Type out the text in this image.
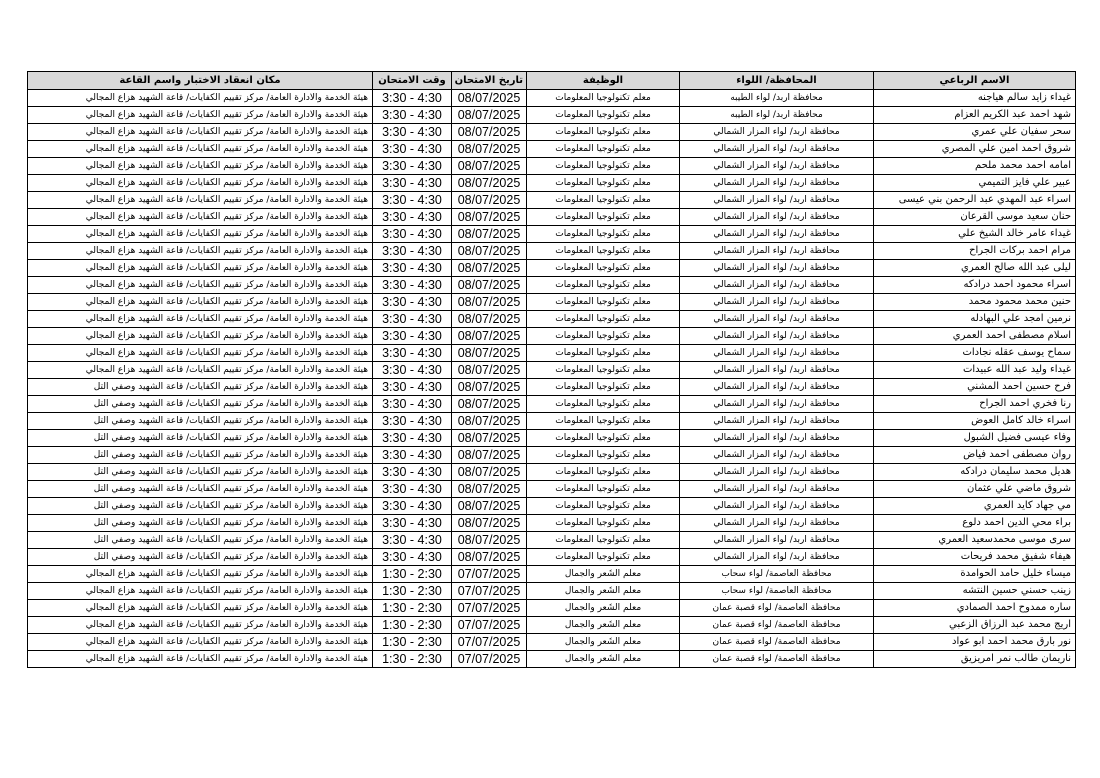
الاسم الرباعي	المحافظة/ اللواء	الوظيفة	تاريخ الامتحان	وقت الامتحان	مكان انعقاد الاختبار واسم القاعة
غيداء زايد سالم هياجنه	محافظة اربد/ لواء الطيبه	معلم تكنولوجيا المعلومات	08/07/2025	3:30 - 4:30	هيئة الخدمة والادارة العامة/ مركز تقييم الكفايات/ قاعة الشهيد هزاع المجالي
شهد احمد عبد الكريم العزام	محافظة اربد/ لواء الطيبه	معلم تكنولوجيا المعلومات	08/07/2025	3:30 - 4:30	هيئة الخدمة والادارة العامة/ مركز تقييم الكفايات/ قاعة الشهيد هزاع المجالي
سحر سفيان علي عمري	محافظة اربد/ لواء المزار الشمالي	معلم تكنولوجيا المعلومات	08/07/2025	3:30 - 4:30	هيئة الخدمة والادارة العامة/ مركز تقييم الكفايات/ قاعة الشهيد هزاع المجالي
شروق احمد امين علي المصري	محافظة اربد/ لواء المزار الشمالي	معلم تكنولوجيا المعلومات	08/07/2025	3:30 - 4:30	هيئة الخدمة والادارة العامة/ مركز تقييم الكفايات/ قاعة الشهيد هزاع المجالي
امامه احمد محمد ملحم	محافظة اربد/ لواء المزار الشمالي	معلم تكنولوجيا المعلومات	08/07/2025	3:30 - 4:30	هيئة الخدمة والادارة العامة/ مركز تقييم الكفايات/ قاعة الشهيد هزاع المجالي
عبير علي فايز التميمي	محافظة اربد/ لواء المزار الشمالي	معلم تكنولوجيا المعلومات	08/07/2025	3:30 - 4:30	هيئة الخدمة والادارة العامة/ مركز تقييم الكفايات/ قاعة الشهيد هزاع المجالي
اسراء عبد المهدي عبد الرحمن بني عيسى	محافظة اربد/ لواء المزار الشمالي	معلم تكنولوجيا المعلومات	08/07/2025	3:30 - 4:30	هيئة الخدمة والادارة العامة/ مركز تقييم الكفايات/ قاعة الشهيد هزاع المجالي
حنان سعيد موسى القرعان	محافظة اربد/ لواء المزار الشمالي	معلم تكنولوجيا المعلومات	08/07/2025	3:30 - 4:30	هيئة الخدمة والادارة العامة/ مركز تقييم الكفايات/ قاعة الشهيد هزاع المجالي
غيداء عامر خالد الشيخ علي	محافظة اربد/ لواء المزار الشمالي	معلم تكنولوجيا المعلومات	08/07/2025	3:30 - 4:30	هيئة الخدمة والادارة العامة/ مركز تقييم الكفايات/ قاعة الشهيد هزاع المجالي
مرام احمد بركات الجراح	محافظة اربد/ لواء المزار الشمالي	معلم تكنولوجيا المعلومات	08/07/2025	3:30 - 4:30	هيئة الخدمة والادارة العامة/ مركز تقييم الكفايات/ قاعة الشهيد هزاع المجالي
ليلى عبد الله صالح العمري	محافظة اربد/ لواء المزار الشمالي	معلم تكنولوجيا المعلومات	08/07/2025	3:30 - 4:30	هيئة الخدمة والادارة العامة/ مركز تقييم الكفايات/ قاعة الشهيد هزاع المجالي
اسراء محمود احمد درادكه	محافظة اربد/ لواء المزار الشمالي	معلم تكنولوجيا المعلومات	08/07/2025	3:30 - 4:30	هيئة الخدمة والادارة العامة/ مركز تقييم الكفايات/ قاعة الشهيد هزاع المجالي
حنين محمد محمود محمد	محافظة اربد/ لواء المزار الشمالي	معلم تكنولوجيا المعلومات	08/07/2025	3:30 - 4:30	هيئة الخدمة والادارة العامة/ مركز تقييم الكفايات/ قاعة الشهيد هزاع المجالي
نرمين امجد علي البهادله	محافظة اربد/ لواء المزار الشمالي	معلم تكنولوجيا المعلومات	08/07/2025	3:30 - 4:30	هيئة الخدمة والادارة العامة/ مركز تقييم الكفايات/ قاعة الشهيد هزاع المجالي
اسلام مصطفى احمد العمري	محافظة اربد/ لواء المزار الشمالي	معلم تكنولوجيا المعلومات	08/07/2025	3:30 - 4:30	هيئة الخدمة والادارة العامة/ مركز تقييم الكفايات/ قاعة الشهيد هزاع المجالي
سماح يوسف عقله نجادات	محافظة اربد/ لواء المزار الشمالي	معلم تكنولوجيا المعلومات	08/07/2025	3:30 - 4:30	هيئة الخدمة والادارة العامة/ مركز تقييم الكفايات/ قاعة الشهيد هزاع المجالي
غيداء وليد عبد الله عبيدات	محافظة اربد/ لواء المزار الشمالي	معلم تكنولوجيا المعلومات	08/07/2025	3:30 - 4:30	هيئة الخدمة والادارة العامة/ مركز تقييم الكفايات/ قاعة الشهيد هزاع المجالي
فرح حسين احمد المشني	محافظة اربد/ لواء المزار الشمالي	معلم تكنولوجيا المعلومات	08/07/2025	3:30 - 4:30	هيئة الخدمة والادارة العامة/ مركز تقييم الكفايات/ قاعة الشهيد وصفي التل
رنا فخري احمد الجراح	محافظة اربد/ لواء المزار الشمالي	معلم تكنولوجيا المعلومات	08/07/2025	3:30 - 4:30	هيئة الخدمة والادارة العامة/ مركز تقييم الكفايات/ قاعة الشهيد وصفي التل
اسراء خالد كامل العوض	محافظة اربد/ لواء المزار الشمالي	معلم تكنولوجيا المعلومات	08/07/2025	3:30 - 4:30	هيئة الخدمة والادارة العامة/ مركز تقييم الكفايات/ قاعة الشهيد وصفي التل
وفاء عيسى فضيل الشبول	محافظة اربد/ لواء المزار الشمالي	معلم تكنولوجيا المعلومات	08/07/2025	3:30 - 4:30	هيئة الخدمة والادارة العامة/ مركز تقييم الكفايات/ قاعة الشهيد وصفي التل
روان مصطفى احمد فياض	محافظة اربد/ لواء المزار الشمالي	معلم تكنولوجيا المعلومات	08/07/2025	3:30 - 4:30	هيئة الخدمة والادارة العامة/ مركز تقييم الكفايات/ قاعة الشهيد وصفي التل
هديل محمد سليمان درادكه	محافظة اربد/ لواء المزار الشمالي	معلم تكنولوجيا المعلومات	08/07/2025	3:30 - 4:30	هيئة الخدمة والادارة العامة/ مركز تقييم الكفايات/ قاعة الشهيد وصفي التل
شروق ماضي علي عثمان	محافظة اربد/ لواء المزار الشمالي	معلم تكنولوجيا المعلومات	08/07/2025	3:30 - 4:30	هيئة الخدمة والادارة العامة/ مركز تقييم الكفايات/ قاعة الشهيد وصفي التل
مي جهاد كايد العمري	محافظة اربد/ لواء المزار الشمالي	معلم تكنولوجيا المعلومات	08/07/2025	3:30 - 4:30	هيئة الخدمة والادارة العامة/ مركز تقييم الكفايات/ قاعة الشهيد وصفي التل
براء محي الدين احمد دلوع	محافظة اربد/ لواء المزار الشمالي	معلم تكنولوجيا المعلومات	08/07/2025	3:30 - 4:30	هيئة الخدمة والادارة العامة/ مركز تقييم الكفايات/ قاعة الشهيد وصفي التل
سرى موسى محمدسعيد العمري	محافظة اربد/ لواء المزار الشمالي	معلم تكنولوجيا المعلومات	08/07/2025	3:30 - 4:30	هيئة الخدمة والادارة العامة/ مركز تقييم الكفايات/ قاعة الشهيد وصفي التل
هيفاء شفيق محمد فريحات	محافظة اربد/ لواء المزار الشمالي	معلم تكنولوجيا المعلومات	08/07/2025	3:30 - 4:30	هيئة الخدمة والادارة العامة/ مركز تقييم الكفايات/ قاعة الشهيد وصفي التل
ميساء خليل حامد الحوامدة	محافظة العاصمة/ لواء سحاب	معلم الشَعر والجمال	07/07/2025	1:30 - 2:30	هيئة الخدمة والادارة العامة/ مركز تقييم الكفايات/ قاعة الشهيد هزاع المجالي
زينب حسني حسين النتشه	محافظة العاصمة/ لواء سحاب	معلم الشَعر والجمال	07/07/2025	1:30 - 2:30	هيئة الخدمة والادارة العامة/ مركز تقييم الكفايات/ قاعة الشهيد هزاع المجالي
ساره ممدوح احمد الصمادي	محافظة العاصمة/ لواء قصبة عمان	معلم الشَعر والجمال	07/07/2025	1:30 - 2:30	هيئة الخدمة والادارة العامة/ مركز تقييم الكفايات/ قاعة الشهيد هزاع المجالي
اريج محمد عبد الرزاق الزعبي	محافظة العاصمة/ لواء قصبة عمان	معلم الشَعر والجمال	07/07/2025	1:30 - 2:30	هيئة الخدمة والادارة العامة/ مركز تقييم الكفايات/ قاعة الشهيد هزاع المجالي
نور بارق محمد احمد ابو عواد	محافظة العاصمة/ لواء قصبة عمان	معلم الشَعر والجمال	07/07/2025	1:30 - 2:30	هيئة الخدمة والادارة العامة/ مركز تقييم الكفايات/ قاعة الشهيد هزاع المجالي
ناريمان طالب نمر امريزيق	محافظة العاصمة/ لواء قصبة عمان	معلم الشَعر والجمال	07/07/2025	1:30 - 2:30	هيئة الخدمة والادارة العامة/ مركز تقييم الكفايات/ قاعة الشهيد هزاع المجالي
